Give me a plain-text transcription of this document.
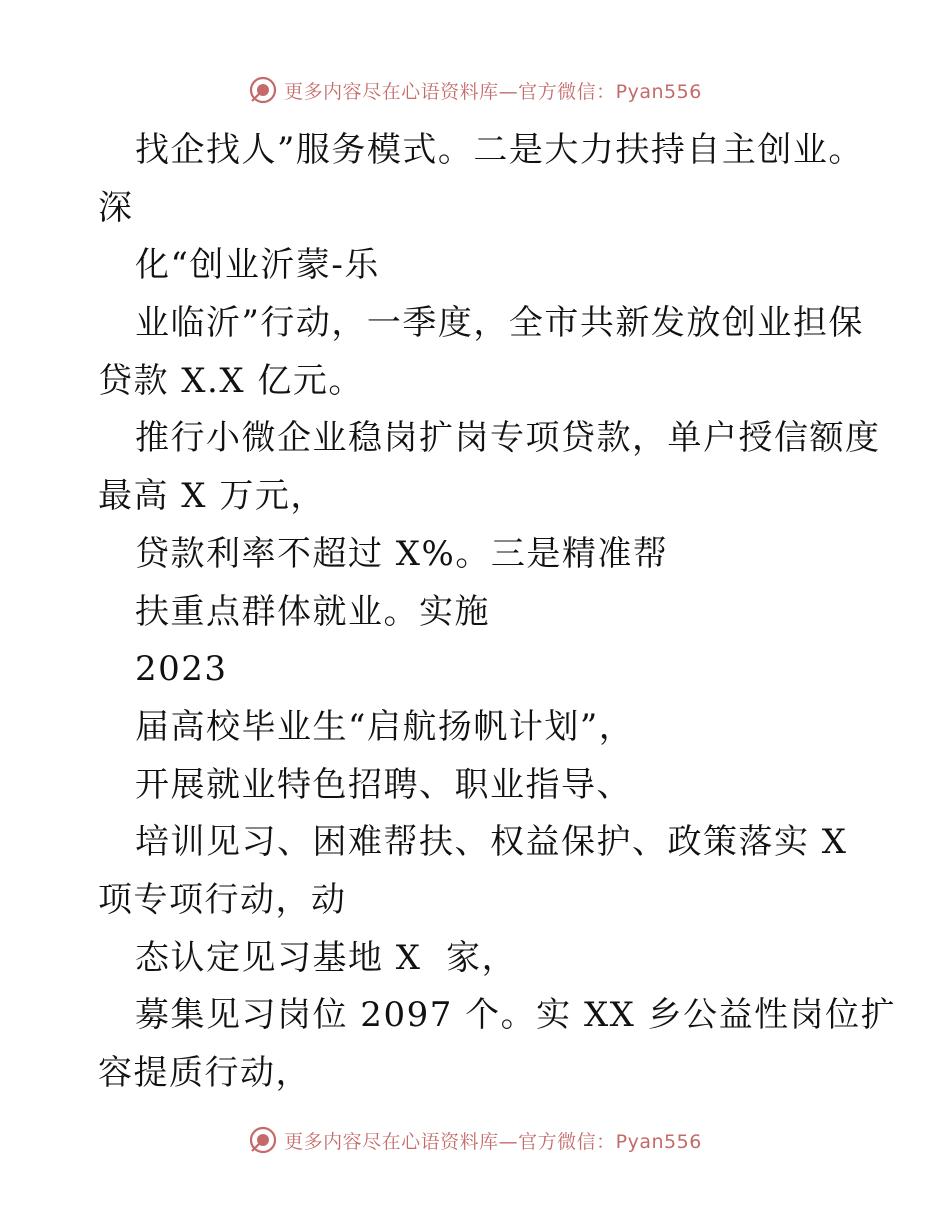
更多内容尽在心语资料库—官方微信：Pyan556
找企找人”服务模式。二是大力扶持自主创业。
深
化“创业沂蒙-乐
业临沂”行动，一季度，全市共新发放创业担保
贷款 X.X 亿元。
推行小微企业稳岗扩岗专项贷款，单户授信额度
最高 X 万元，
贷款利率不超过 X%。三是精准帮
扶重点群体就业。实施
2023
届高校毕业生“启航扬帆计划”，
开展就业特色招聘、职业指导、
培训见习、困难帮扶、权益保护、政策落实 X
项专项行动，动
态认定见习基地 X  家，
募集见习岗位 2097 个。实 XX 乡公益性岗位扩
容提质行动，
更多内容尽在心语资料库—官方微信：Pyan556
